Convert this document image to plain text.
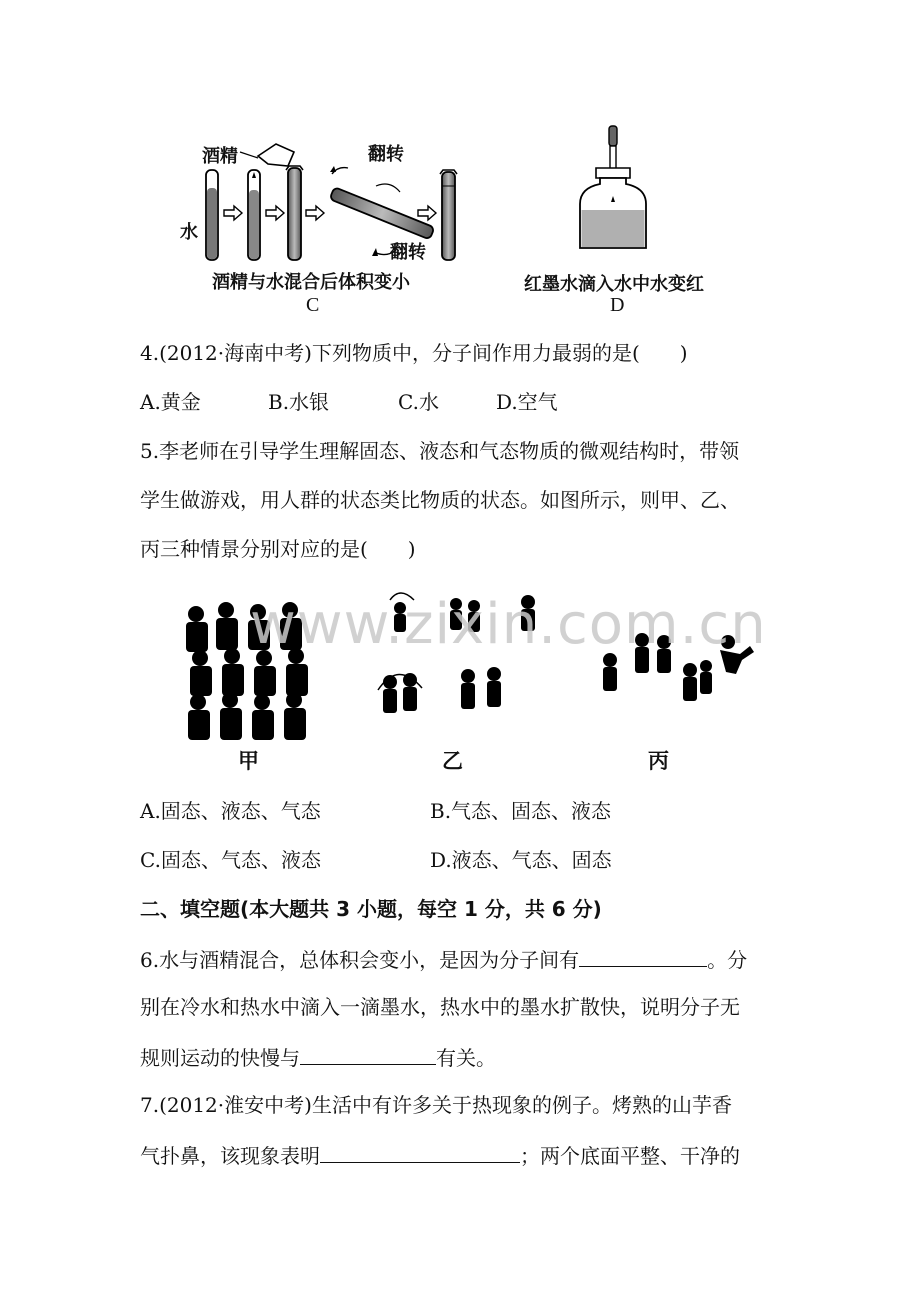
酒精
水
翻转
翻转
酒精与水混合后体积变小
C
红墨水滴入水中水变红
D
4.(2012·海南中考)下列物质中，分子间作用力最弱的是(　　)
A.黄金	B.水银	C.水	D.空气
5.李老师在引导学生理解固态、液态和气态物质的微观结构时，带领
学生做游戏，用人群的状态类比物质的状态。如图所示，则甲、乙、
丙三种情景分别对应的是(　　)
甲	乙	丙
www.zixin.com.cn
A.固态、液态、气态	B.气态、固态、液态
C.固态、气态、液态	D.液态、气态、固态
二、填空题(本大题共 3 小题，每空 1 分，共 6 分)
6.水与酒精混合，总体积会变小，是因为分子间有	。分
别在冷水和热水中滴入一滴墨水，热水中的墨水扩散快，说明分子无
规则运动的快慢与	有关。
7.(2012·淮安中考)生活中有许多关于热现象的例子。烤熟的山芋香
气扑鼻，该现象表明	；两个底面平整、干净的
